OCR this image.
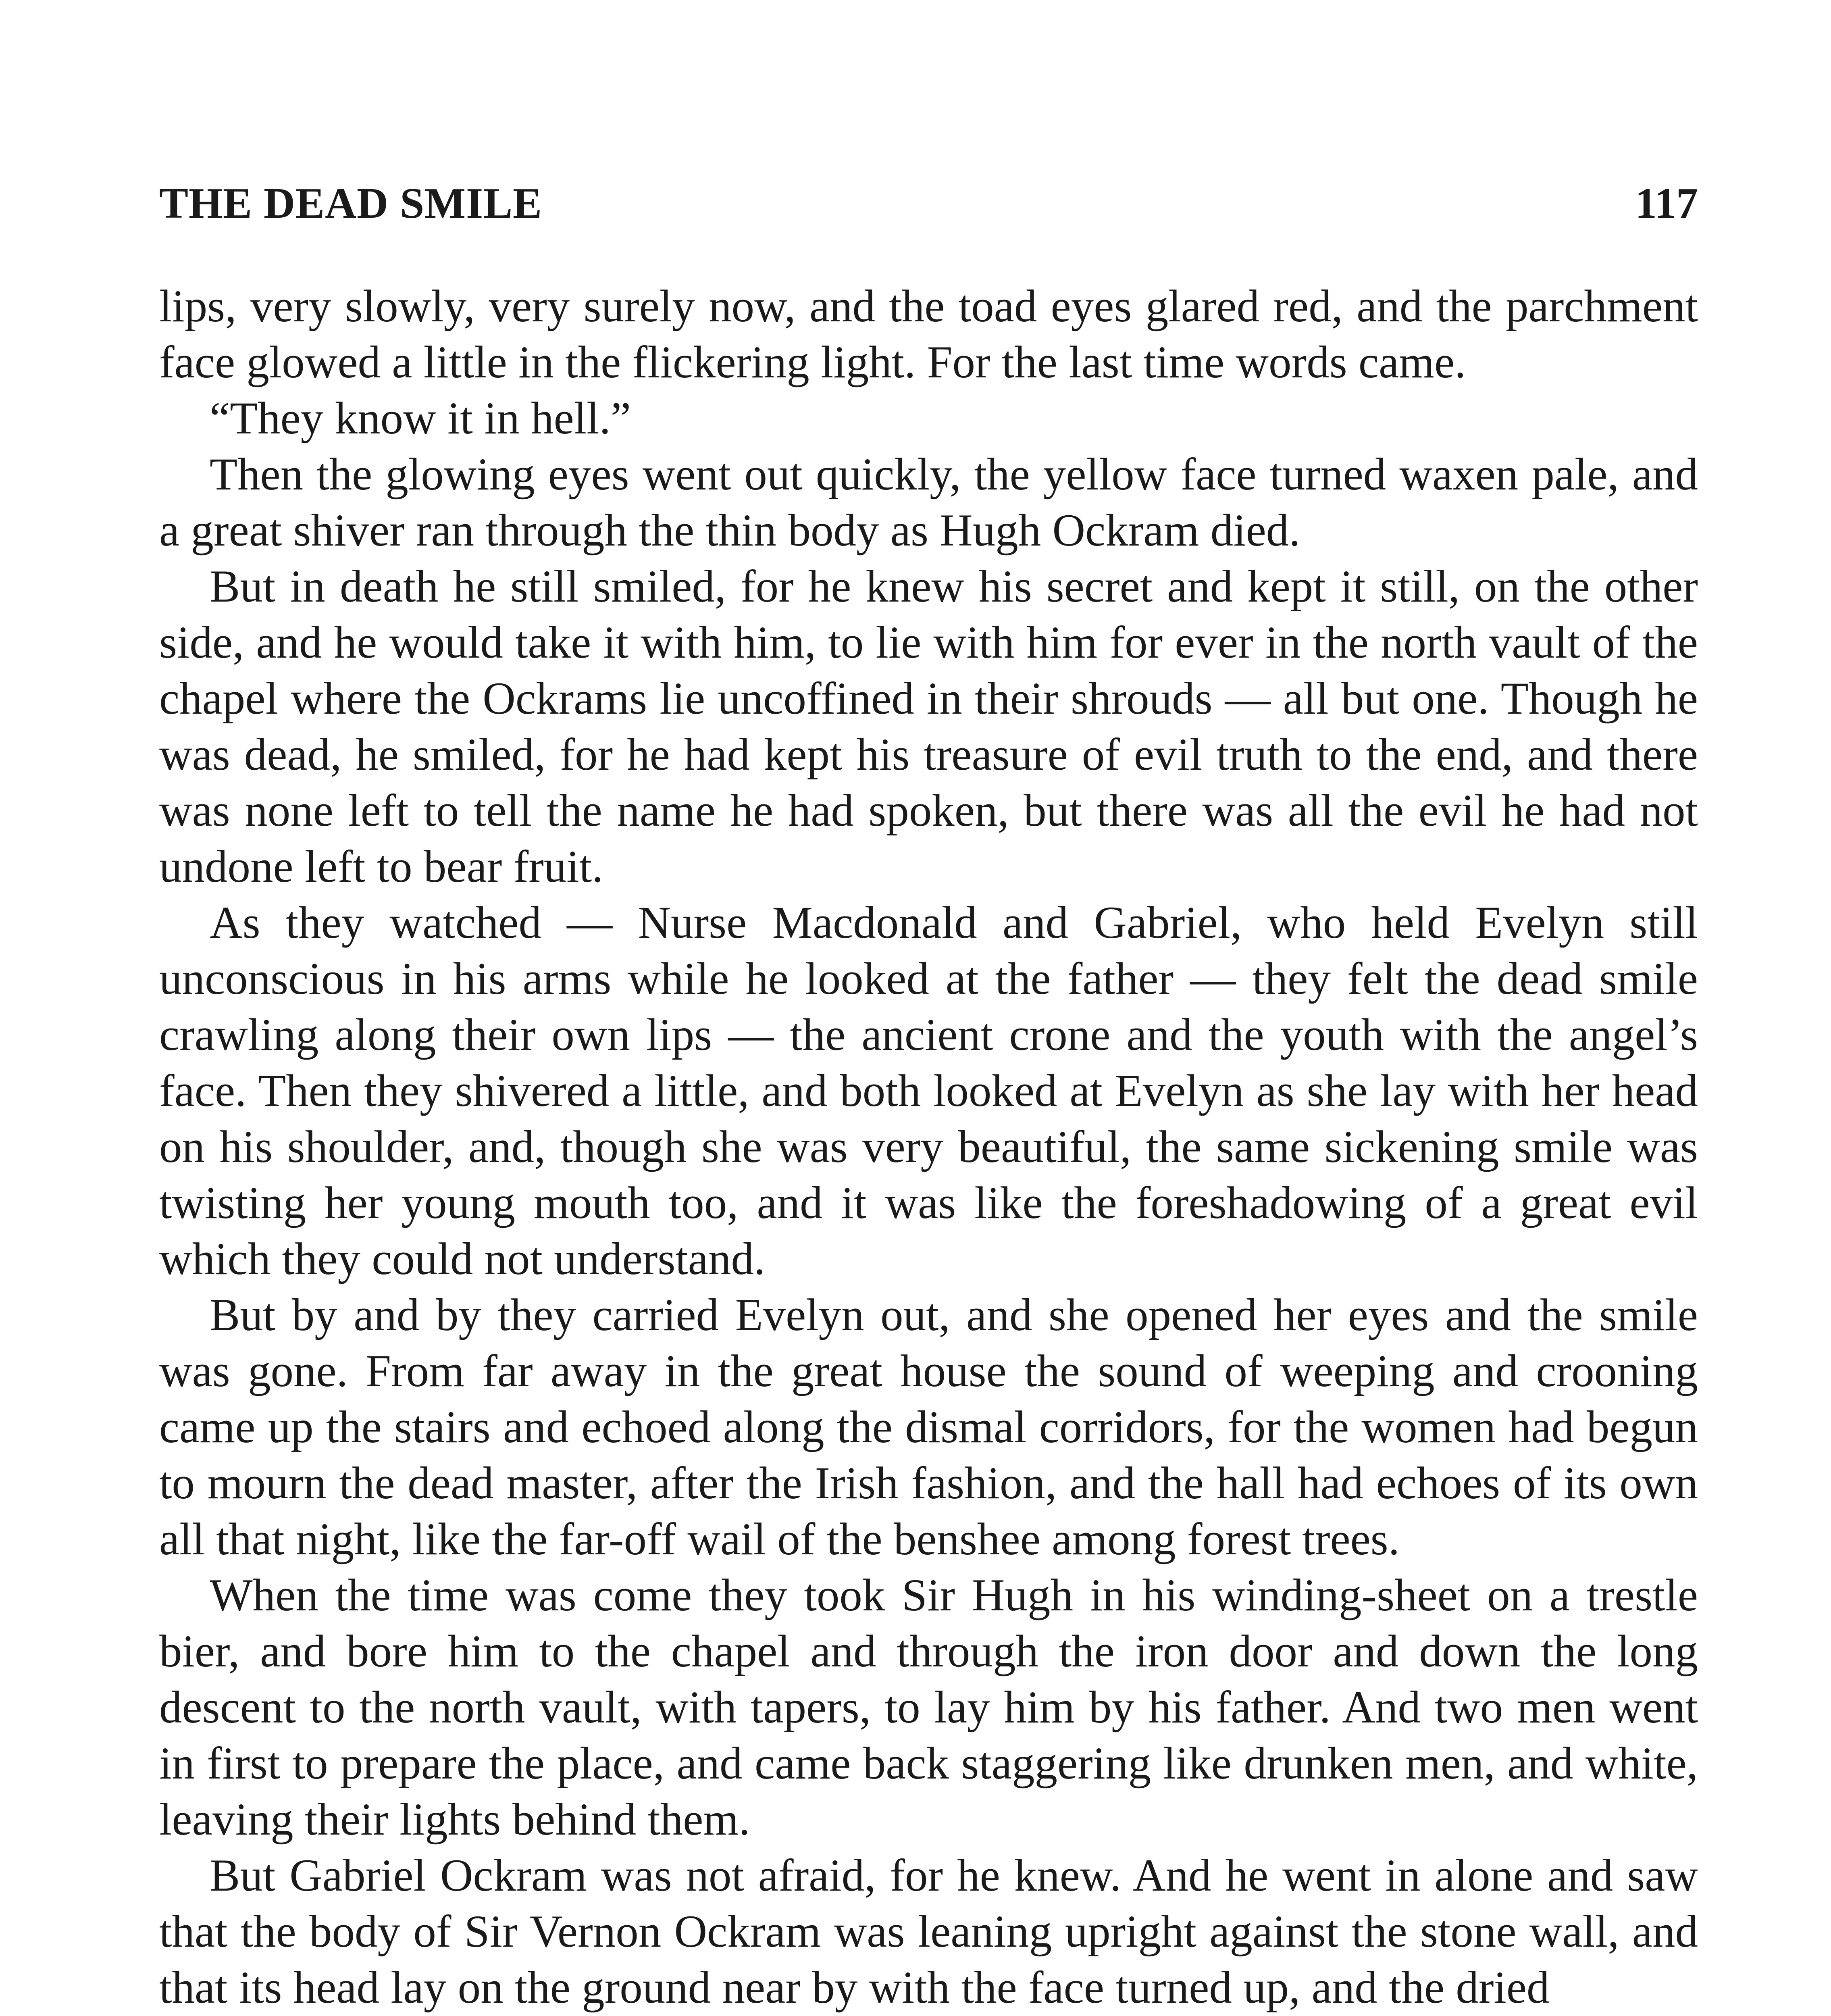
THE DEAD SMILE	117

lips, very slowly, very surely now, and the toad eyes glared red, and the parchment face glowed a little in the flickering light. For the last time words came.

“They know it in hell.”

Then the glowing eyes went out quickly, the yellow face turned waxen pale, and a great shiver ran through the thin body as Hugh Ockram died.

But in death he still smiled, for he knew his secret and kept it still, on the other side, and he would take it with him, to lie with him for ever in the north vault of the chapel where the Ockrams lie uncoffined in their shrouds — all but one. Though he was dead, he smiled, for he had kept his treasure of evil truth to the end, and there was none left to tell the name he had spoken, but there was all the evil he had not undone left to bear fruit.

As they watched — Nurse Macdonald and Gabriel, who held Evelyn still unconscious in his arms while he looked at the father — they felt the dead smile crawling along their own lips — the ancient crone and the youth with the angel’s face. Then they shivered a little, and both looked at Evelyn as she lay with her head on his shoulder, and, though she was very beautiful, the same sickening smile was twisting her young mouth too, and it was like the foreshadowing of a great evil which they could not understand.

But by and by they carried Evelyn out, and she opened her eyes and the smile was gone. From far away in the great house the sound of weeping and crooning came up the stairs and echoed along the dismal corridors, for the women had begun to mourn the dead master, after the Irish fashion, and the hall had echoes of its own all that night, like the far-off wail of the benshee among forest trees.

When the time was come they took Sir Hugh in his winding-sheet on a trestle bier, and bore him to the chapel and through the iron door and down the long descent to the north vault, with tapers, to lay him by his father. And two men went in first to prepare the place, and came back staggering like drunken men, and white, leaving their lights behind them.

But Gabriel Ockram was not afraid, for he knew. And he went in alone and saw that the body of Sir Vernon Ockram was leaning upright against the stone wall, and that its head lay on the ground near by with the face turned up, and the dried
